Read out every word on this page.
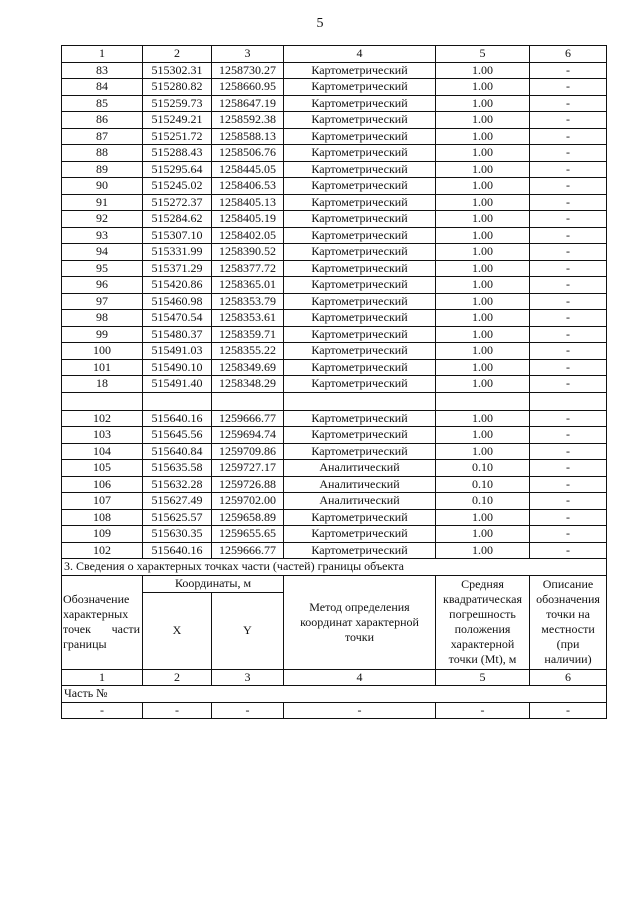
5
1	2	3	4	5	6
83	515302.31	1258730.27	Картометрический	1.00	-
84	515280.82	1258660.95	Картометрический	1.00	-
85	515259.73	1258647.19	Картометрический	1.00	-
86	515249.21	1258592.38	Картометрический	1.00	-
87	515251.72	1258588.13	Картометрический	1.00	-
88	515288.43	1258506.76	Картометрический	1.00	-
89	515295.64	1258445.05	Картометрический	1.00	-
90	515245.02	1258406.53	Картометрический	1.00	-
91	515272.37	1258405.13	Картометрический	1.00	-
92	515284.62	1258405.19	Картометрический	1.00	-
93	515307.10	1258402.05	Картометрический	1.00	-
94	515331.99	1258390.52	Картометрический	1.00	-
95	515371.29	1258377.72	Картометрический	1.00	-
96	515420.86	1258365.01	Картометрический	1.00	-
97	515460.98	1258353.79	Картометрический	1.00	-
98	515470.54	1258353.61	Картометрический	1.00	-
99	515480.37	1258359.71	Картометрический	1.00	-
100	515491.03	1258355.22	Картометрический	1.00	-
101	515490.10	1258349.69	Картометрический	1.00	-
18	515491.40	1258348.29	Картометрический	1.00	-

102	515640.16	1259666.77	Картометрический	1.00	-
103	515645.56	1259694.74	Картометрический	1.00	-
104	515640.84	1259709.86	Картометрический	1.00	-
105	515635.58	1259727.17	Аналитический	0.10	-
106	515632.28	1259726.88	Аналитический	0.10	-
107	515627.49	1259702.00	Аналитический	0.10	-
108	515625.57	1259658.89	Картометрический	1.00	-
109	515630.35	1259655.65	Картометрический	1.00	-
102	515640.16	1259666.77	Картометрический	1.00	-
3. Сведения о характерных точках части (частей) границы объекта					
Обозначение характерных точек части границы	Координаты, м		Метод определения координат характерной точки	Средняя квадратическая погрешность положения характерной точки (Mt), м	Описание обозначения точки на местности (при наличии)
	X	Y			
1	2	3	4	5	6
Часть №					
-	-	-	-	-	-
